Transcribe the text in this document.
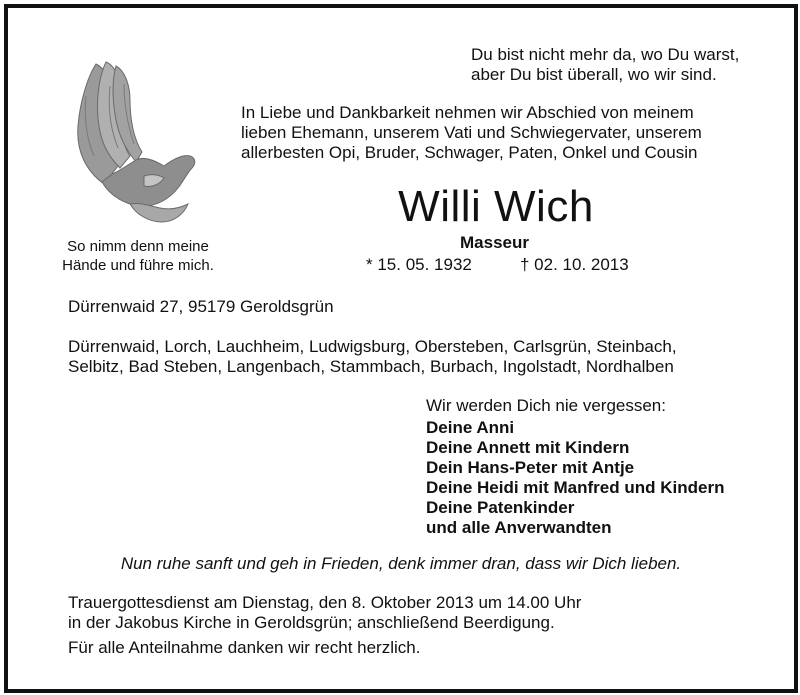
So nimm denn meine
Hände und führe mich.
Du bist nicht mehr da, wo Du warst,
aber Du bist überall, wo wir sind.
In Liebe und Dankbarkeit nehmen wir Abschied von meinem
lieben Ehemann, unserem Vati und Schwiegervater, unserem
allerbesten Opi, Bruder, Schwager, Paten, Onkel und Cousin
Willi Wich
Masseur
* 15. 05. 1932	† 02. 10. 2013
Dürrenwaid 27, 95179 Geroldsgrün
Dürrenwaid, Lorch, Lauchheim, Ludwigsburg, Obersteben, Carlsgrün, Steinbach,
Selbitz, Bad Steben, Langenbach, Stammbach, Burbach, Ingolstadt, Nordhalben
Wir werden Dich nie vergessen:
Deine Anni
Deine Annett mit Kindern
Dein Hans-Peter mit Antje
Deine Heidi mit Manfred und Kindern
Deine Patenkinder
und alle Anverwandten
Nun ruhe sanft und geh in Frieden, denk immer dran, dass wir Dich lieben.
Trauergottesdienst am Dienstag, den 8. Oktober 2013 um 14.00 Uhr
in der Jakobus Kirche in Geroldsgrün; anschließend Beerdigung.
Für alle Anteilnahme danken wir recht herzlich.
